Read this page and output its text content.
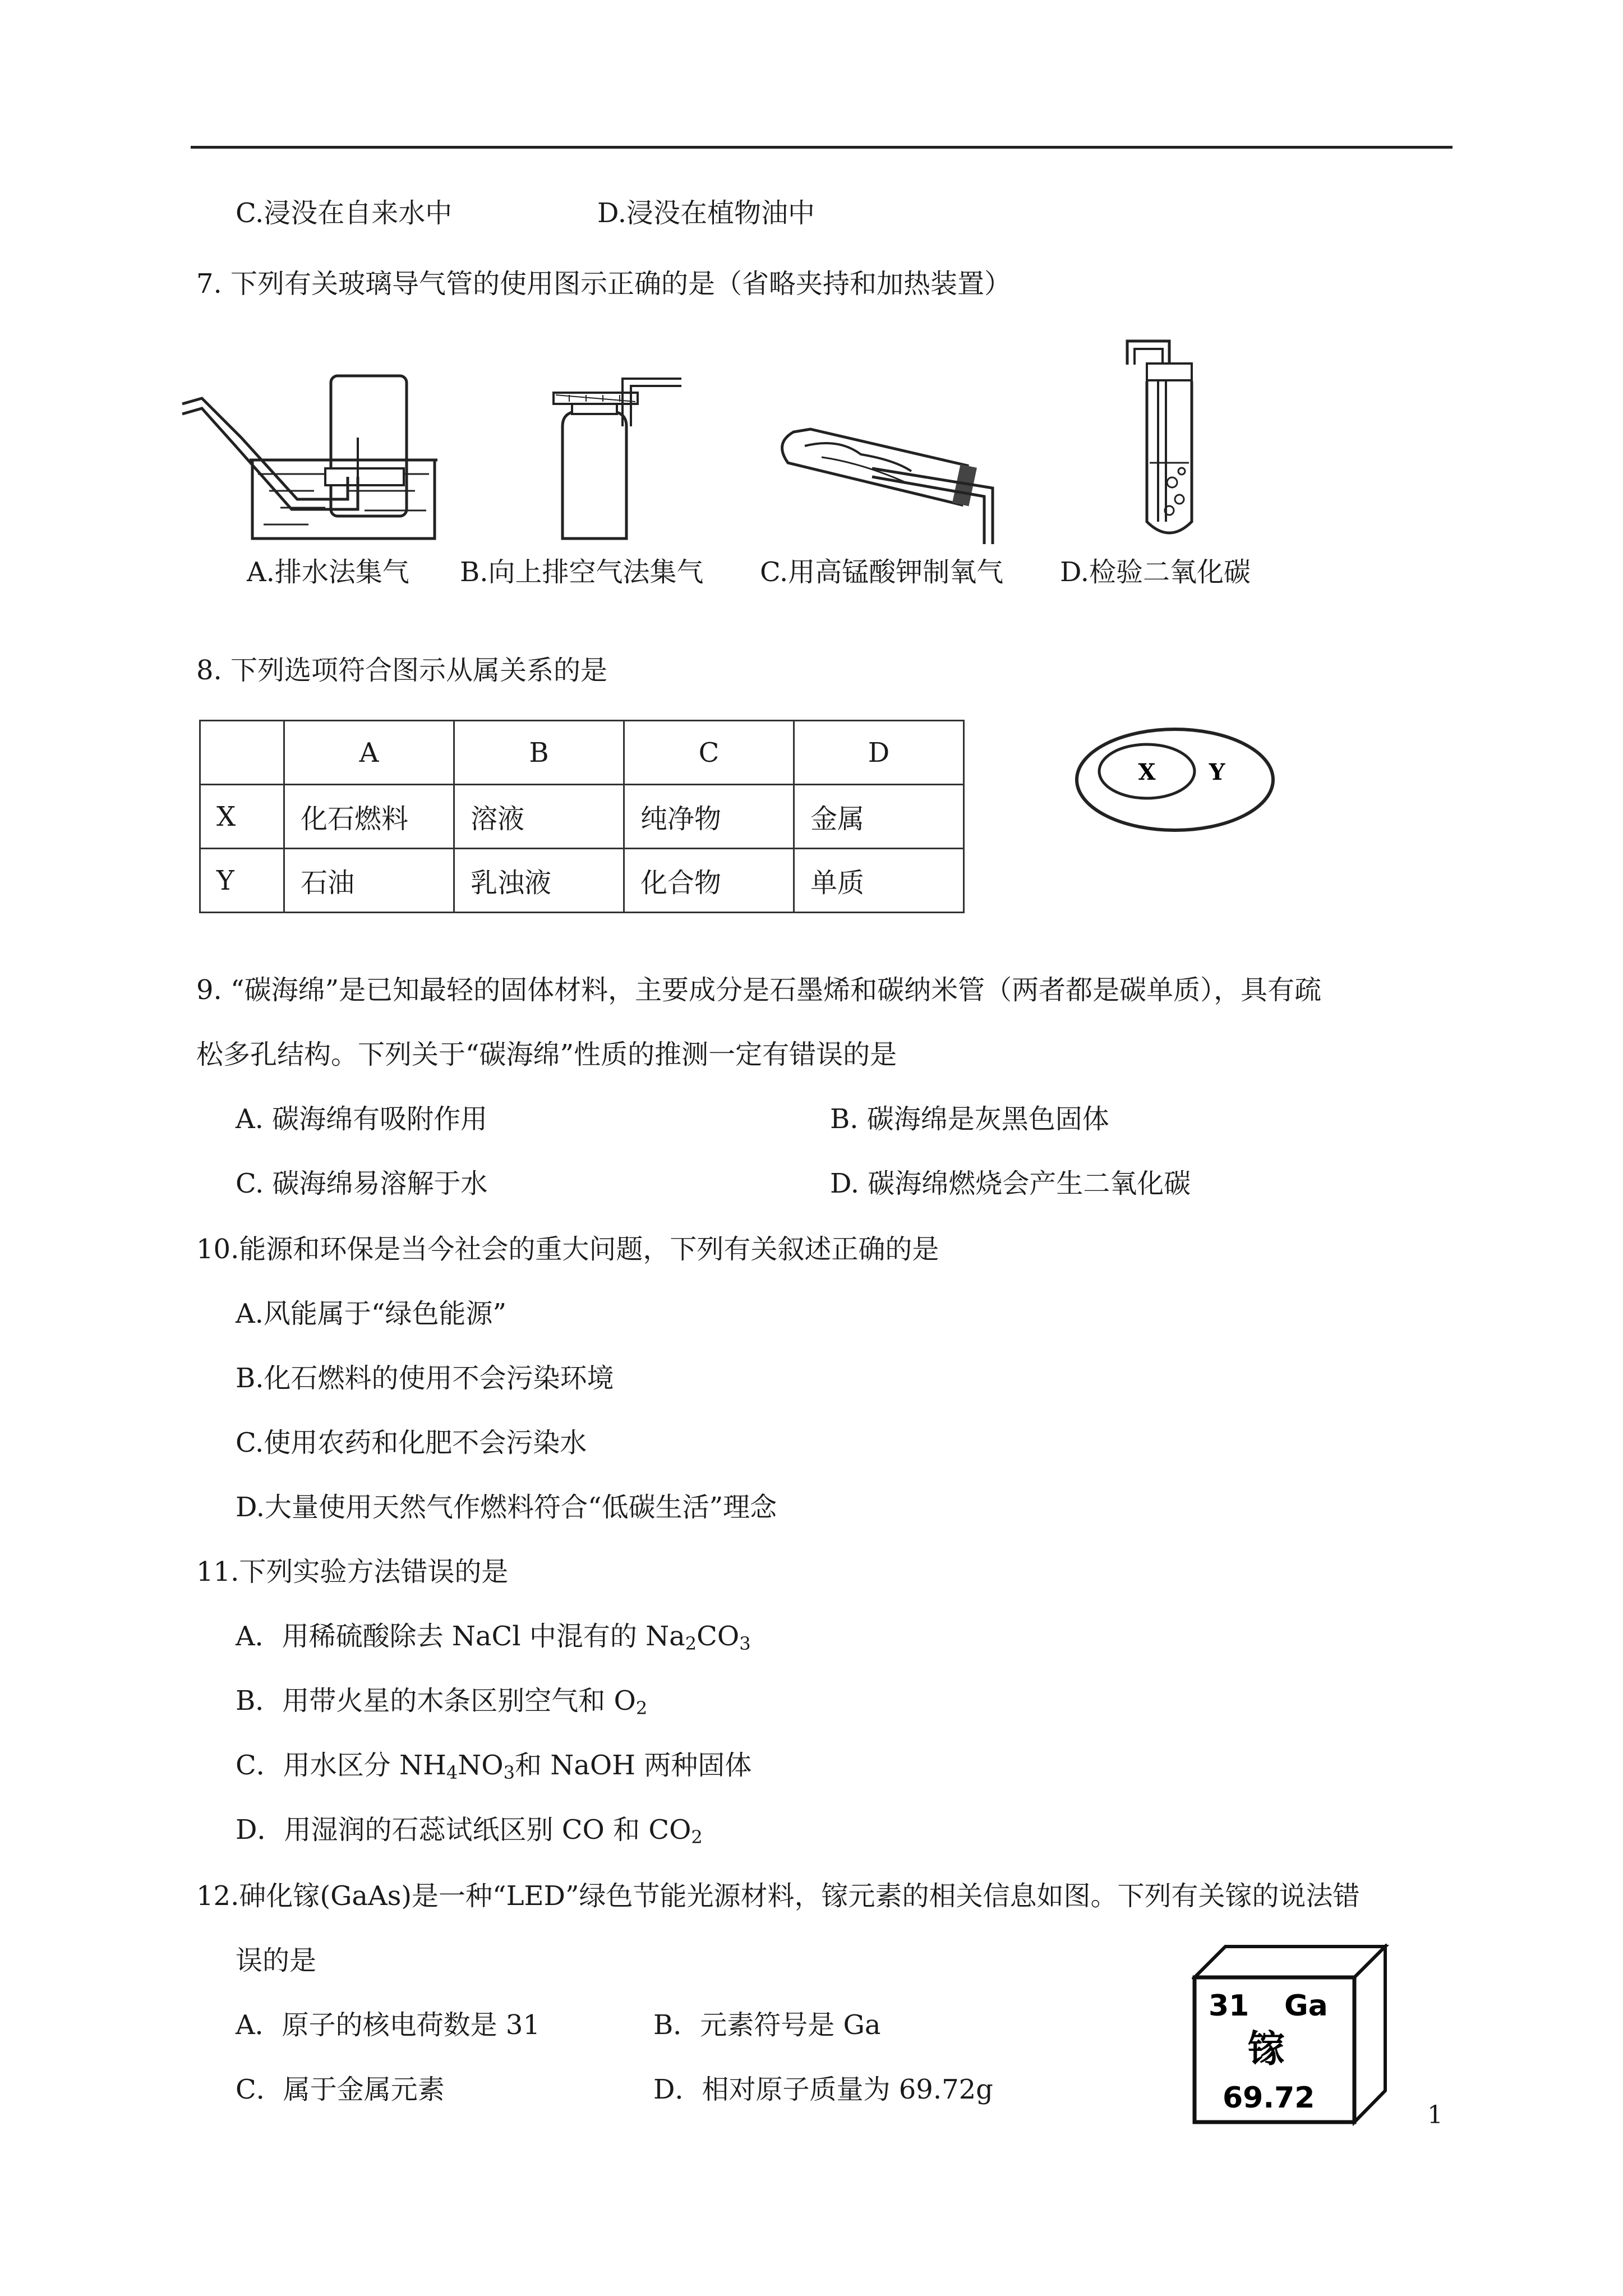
C.浸没在自来水中	D.浸没在植物油中
7. 下列有关玻璃导气管的使用图示正确的是（省略夹持和加热装置）
A.排水法集气 B.向上排空气法集气 C.用高锰酸钾制氧气 D.检验二氧化碳
8. 下列选项符合图示从属关系的是
	A	B	C	D
X	化石燃料	溶液	纯净物	金属
Y	石油	乳浊液	化合物	单质
X Y
9. “碳海绵”是已知最轻的固体材料，主要成分是石墨烯和碳纳米管（两者都是碳单质），具有疏
松多孔结构。下列关于“碳海绵”性质的推测一定有错误的是
A. 碳海绵有吸附作用	B. 碳海绵是灰黑色固体
C. 碳海绵易溶解于水	D. 碳海绵燃烧会产生二氧化碳
10.能源和环保是当今社会的重大问题，下列有关叙述正确的是
A.风能属于“绿色能源”
B.化石燃料的使用不会污染环境
C.使用农药和化肥不会污染水
D.大量使用天然气作燃料符合“低碳生活”理念
11.下列实验方法错误的是
A．用稀硫酸除去 NaCl 中混有的 $Na_2CO_3$
B．用带火星的木条区别空气和 $O_2$
C．用水区分 $NH_4NO_3$和 NaOH 两种固体
D．用湿润的石蕊试纸区别 CO 和 $CO_2$
12.砷化镓(GaAs)是一种“LED”绿色节能光源材料，镓元素的相关信息如图。下列有关镓的说法错
误的是
A．原子的核电荷数是 31	B．元素符号是 Ga
C．属于金属元素	D．相对原子质量为 69.72g
31 Ga
镓
69.72
1
